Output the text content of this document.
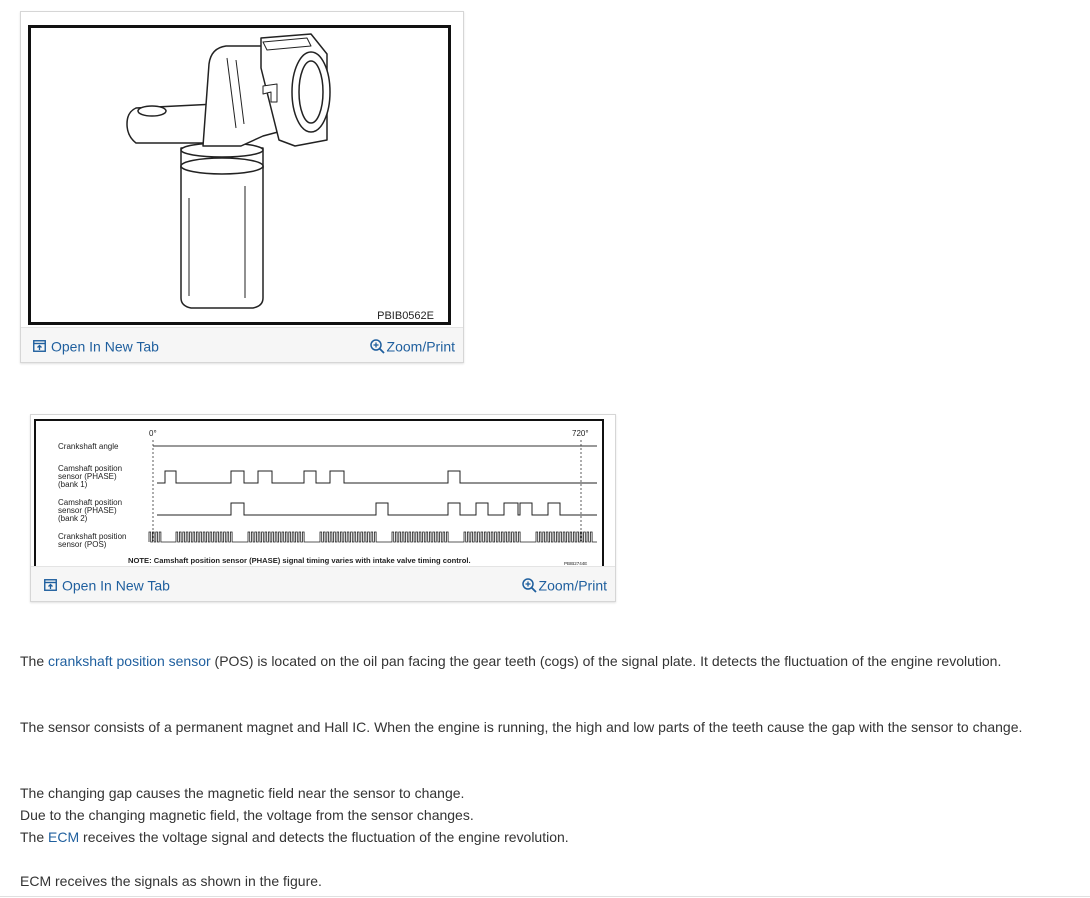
PBIB0562E
Open In New Tab	Zoom/Print
0°	720°
Crankshaft angle
Camshaft position sensor (PHASE) (bank 1)
Camshaft position sensor (PHASE) (bank 2)
Crankshaft position sensor (POS)
NOTE: Camshaft position sensor (PHASE) signal timing varies with intake valve timing control.	PBIB2744E
Open In New Tab	Zoom/Print

The crankshaft position sensor (POS) is located on the oil pan facing the gear teeth (cogs) of the signal plate. It detects the fluctuation of the engine revolution.

The sensor consists of a permanent magnet and Hall IC. When the engine is running, the high and low parts of the teeth cause the gap with the sensor to change.

The changing gap causes the magnetic field near the sensor to change.
Due to the changing magnetic field, the voltage from the sensor changes.
The ECM receives the voltage signal and detects the fluctuation of the engine revolution.

ECM receives the signals as shown in the figure.
